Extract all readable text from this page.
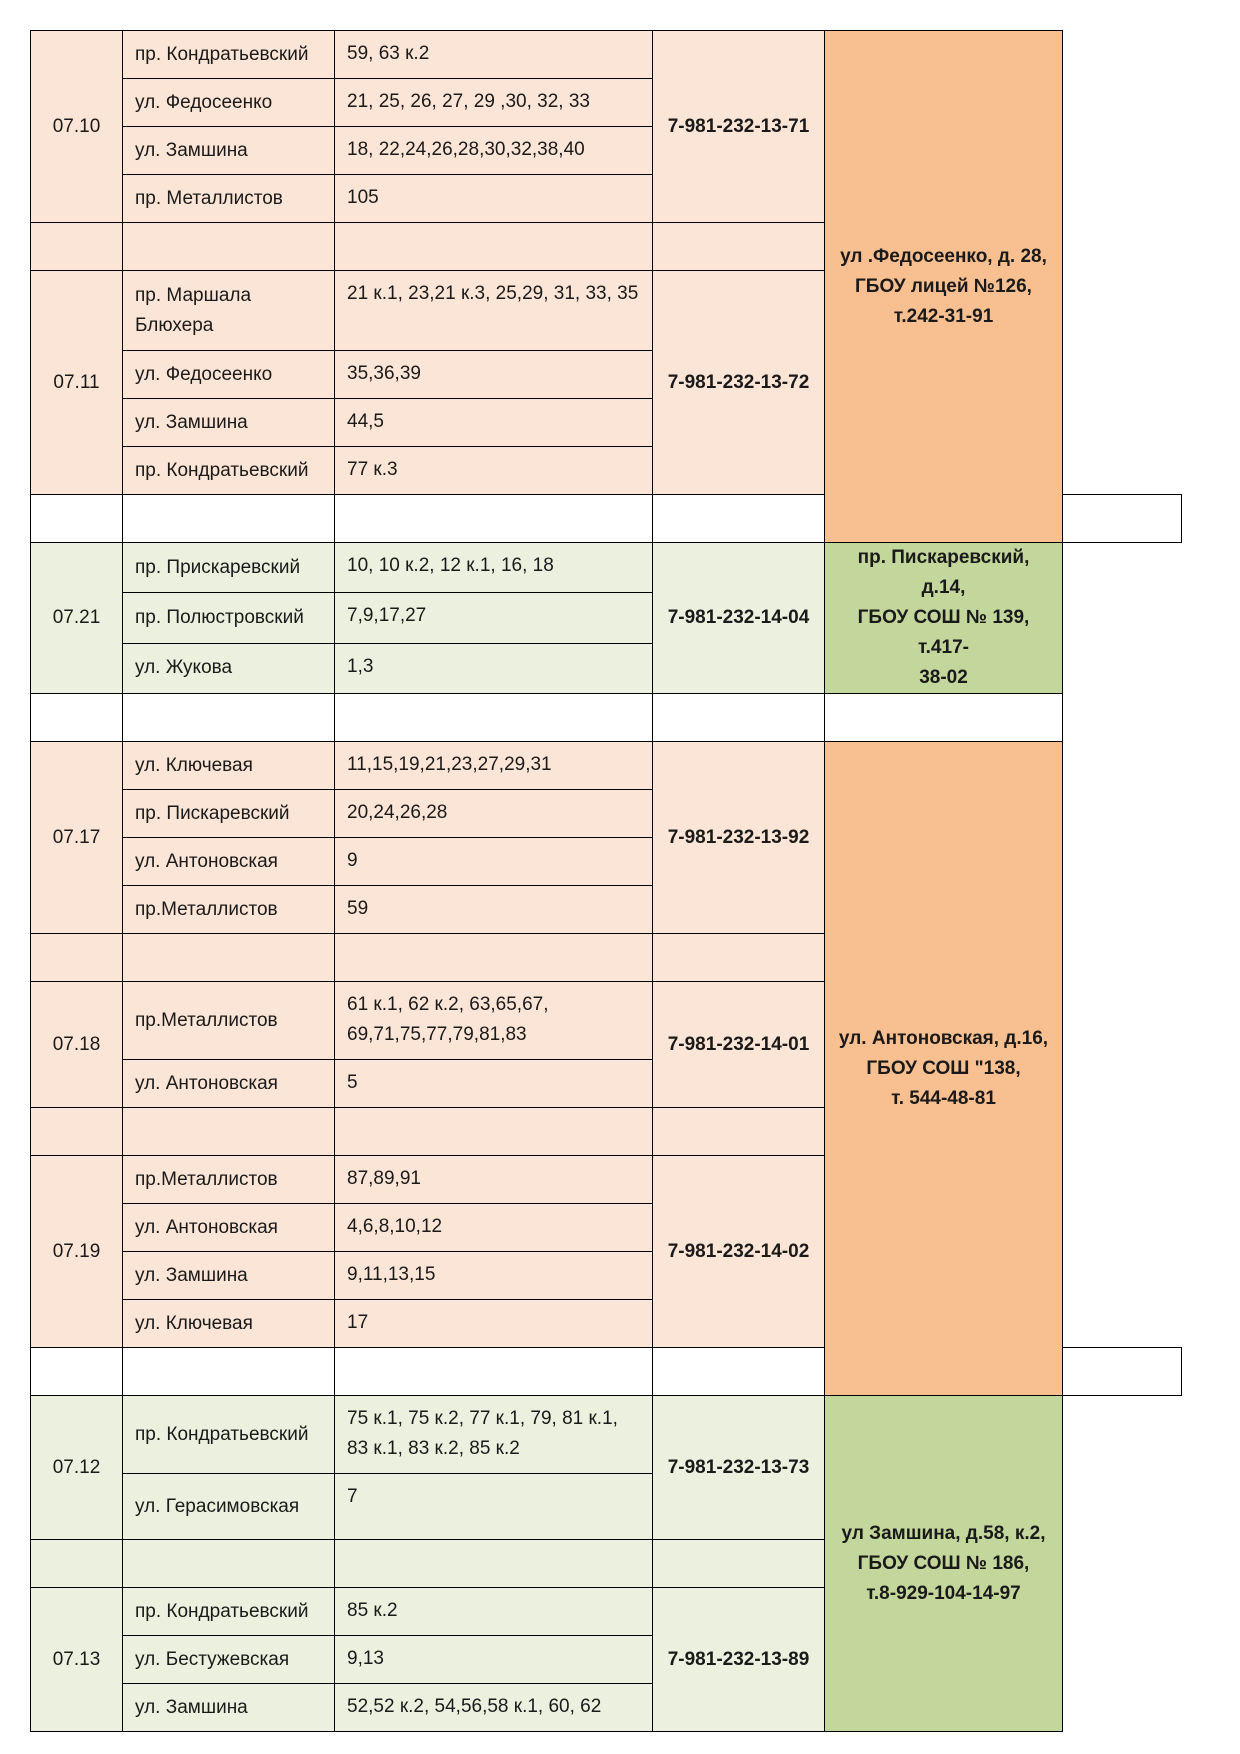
07.10	пр. Кондратьевский	59, 63 к.2	7-981-232-13-71	ул .Федосеенко, д. 28,
ГБОУ лицей №126,
т.242-31-91	

	ул. Федосеенко	21, 25, 26, 27, 29 ,30, 32, 33			
	ул. Замшина	18, 22,24,26,28,30,32,38,40			
	пр. Металлистов	105			

07.11	пр. Маршала Блюхера	21 к.1, 23,21 к.3, 25,29, 31, 33, 35	7-981-232-13-72		
	ул. Федосеенко	35,36,39			
	ул. Замшина	44,5			
	пр. Кондратьевский	77 к.3			

07.21	пр. Прискаревский	10, 10 к.2, 12 к.1, 16, 18	7-981-232-14-04	пр. Пискаревский, д.14,
ГБОУ СОШ № 139, т.417-
38-02	

	пр. Полюстровский	7,9,17,27			
	ул. Жукова	1,3			

07.17	ул. Ключевая	11,15,19,21,23,27,29,31	7-981-232-13-92	ул. Антоновская, д.16,
ГБОУ СОШ "138,
т. 544-48-81	

	пр. Пискаревский	20,24,26,28			
	ул. Антоновская	9			
	пр.Металлистов	59			

07.18	пр.Металлистов	61 к.1, 62 к.2, 63,65,67, 69,71,75,77,79,81,83	7-981-232-14-01		
	ул. Антоновская	5			

07.19	пр.Металлистов	87,89,91	7-981-232-14-02		
	ул. Антоновская	4,6,8,10,12			
	ул. Замшина	9,11,13,15			
	ул. Ключевая	17			

07.12	пр. Кондратьевский	75 к.1, 75 к.2, 77 к.1, 79, 81 к.1, 83 к.1, 83 к.2, 85 к.2	7-981-232-13-73	ул Замшина, д.58, к.2,
ГБОУ СОШ № 186,
т.8-929-104-14-97	

	ул. Герасимовская	7			

07.13	пр. Кондратьевский	85 к.2	7-981-232-13-89		
	ул. Бестужевская	9,13			
	ул. Замшина	52,52 к.2, 54,56,58 к.1, 60, 62			
